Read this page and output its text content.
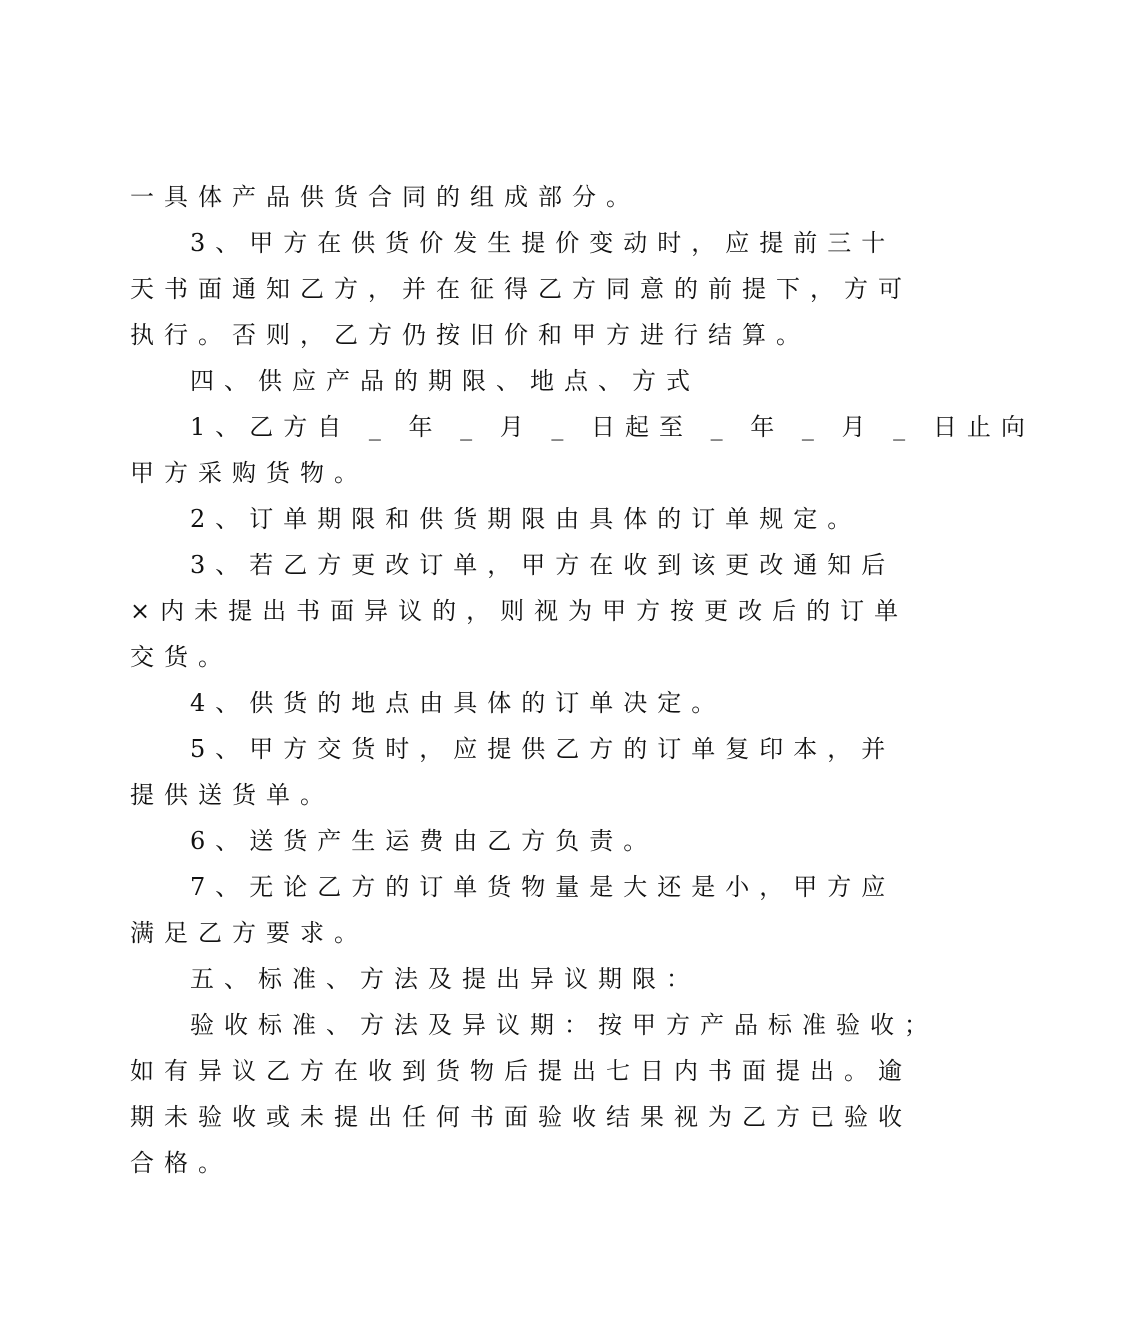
一具体产品供货合同的组成部分。
3、甲方在供货价发生提价变动时，应提前三十
天书面通知乙方，并在征得乙方同意的前提下，方可
执行。否则，乙方仍按旧价和甲方进行结算。
四、供应产品的期限、地点、方式
1、乙方自 _ 年 _ 月 _ 日起至 _ 年 _ 月 _ 日止向
甲方采购货物。
2、订单期限和供货期限由具体的订单规定。
3、若乙方更改订单，甲方在收到该更改通知后
×内未提出书面异议的，则视为甲方按更改后的订单
交货。
4、供货的地点由具体的订单决定。
5、甲方交货时，应提供乙方的订单复印本，并
提供送货单。
6、送货产生运费由乙方负责。
7、无论乙方的订单货物量是大还是小，甲方应
满足乙方要求。
五、标准、方法及提出异议期限：
验收标准、方法及异议期：按甲方产品标准验收；
如有异议乙方在收到货物后提出七日内书面提出。逾
期未验收或未提出任何书面验收结果视为乙方已验收
合格。
